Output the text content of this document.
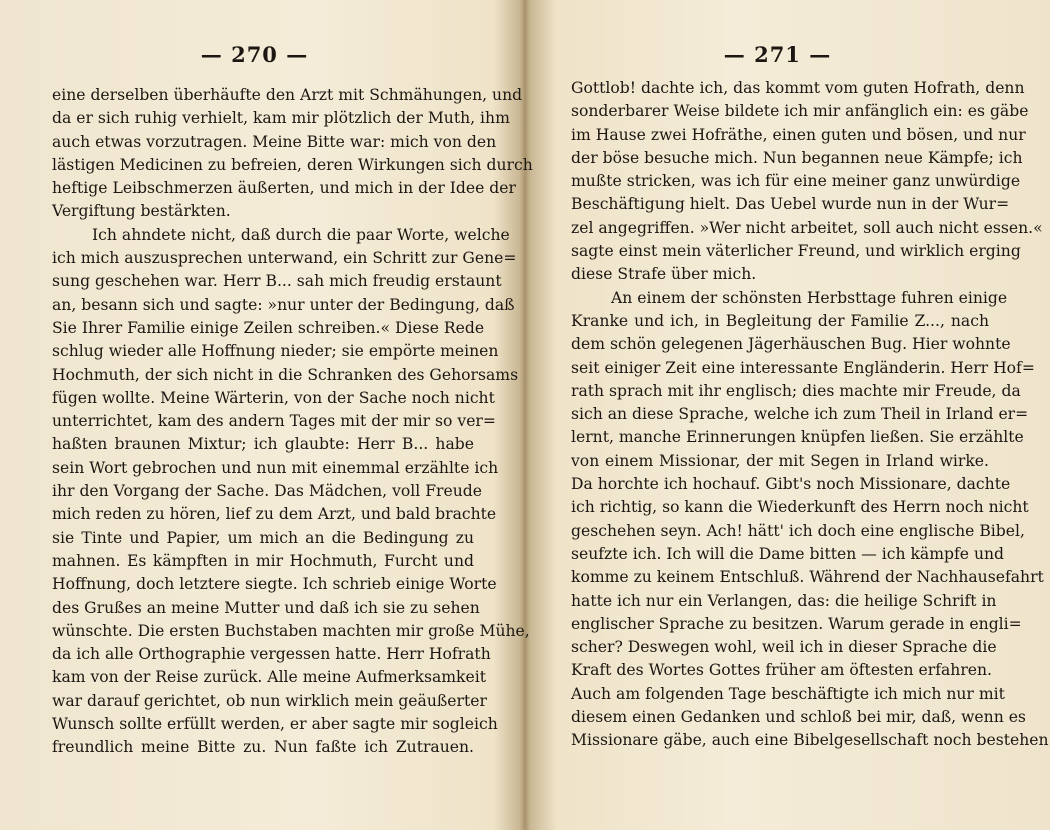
— 270 —
eine derselben überhäufte den Arzt mit Schmähungen, und
da er sich ruhig verhielt, kam mir plötzlich der Muth, ihm
auch etwas vorzutragen. Meine Bitte war: mich von den
lästigen Medicinen zu befreien, deren Wirkungen sich durch
heftige Leibschmerzen äußerten, und mich in der Idee der
Vergiftung bestärkten.
Ich ahndete nicht, daß durch die paar Worte, welche
ich mich auszusprechen unterwand, ein Schritt zur Gene=
sung geschehen war. Herr B... sah mich freudig erstaunt
an, besann sich und sagte: »nur unter der Bedingung, daß
Sie Ihrer Familie einige Zeilen schreiben.« Diese Rede
schlug wieder alle Hoffnung nieder; sie empörte meinen
Hochmuth, der sich nicht in die Schranken des Gehorsams
fügen wollte. Meine Wärterin, von der Sache noch nicht
unterrichtet, kam des andern Tages mit der mir so ver=
haßten braunen Mixtur; ich glaubte: Herr B... habe
sein Wort gebrochen und nun mit einemmal erzählte ich
ihr den Vorgang der Sache. Das Mädchen, voll Freude
mich reden zu hören, lief zu dem Arzt, und bald brachte
sie Tinte und Papier, um mich an die Bedingung zu
mahnen. Es kämpften in mir Hochmuth, Furcht und
Hoffnung, doch letztere siegte. Ich schrieb einige Worte
des Grußes an meine Mutter und daß ich sie zu sehen
wünschte. Die ersten Buchstaben machten mir große Mühe,
da ich alle Orthographie vergessen hatte. Herr Hofrath
kam von der Reise zurück. Alle meine Aufmerksamkeit
war darauf gerichtet, ob nun wirklich mein geäußerter
Wunsch sollte erfüllt werden, er aber sagte mir sogleich
freundlich meine Bitte zu. Nun faßte ich Zutrauen.
— 271 —
Gottlob! dachte ich, das kommt vom guten Hofrath, denn
sonderbarer Weise bildete ich mir anfänglich ein: es gäbe
im Hause zwei Hofräthe, einen guten und bösen, und nur
der böse besuche mich. Nun begannen neue Kämpfe; ich
mußte stricken, was ich für eine meiner ganz unwürdige
Beschäftigung hielt. Das Uebel wurde nun in der Wur=
zel angegriffen. »Wer nicht arbeitet, soll auch nicht essen.«
sagte einst mein väterlicher Freund, und wirklich erging
diese Strafe über mich.
An einem der schönsten Herbsttage fuhren einige
Kranke und ich, in Begleitung der Familie Z..., nach
dem schön gelegenen Jägerhäuschen Bug. Hier wohnte
seit einiger Zeit eine interessante Engländerin. Herr Hof=
rath sprach mit ihr englisch; dies machte mir Freude, da
sich an diese Sprache, welche ich zum Theil in Irland er=
lernt, manche Erinnerungen knüpfen ließen. Sie erzählte
von einem Missionar, der mit Segen in Irland wirke.
Da horchte ich hochauf. Gibt's noch Missionare, dachte
ich richtig, so kann die Wiederkunft des Herrn noch nicht
geschehen seyn. Ach! hätt' ich doch eine englische Bibel,
seufzte ich. Ich will die Dame bitten — ich kämpfe und
komme zu keinem Entschluß. Während der Nachhausefahrt
hatte ich nur ein Verlangen, das: die heilige Schrift in
englischer Sprache zu besitzen. Warum gerade in engli=
scher? Deswegen wohl, weil ich in dieser Sprache die
Kraft des Wortes Gottes früher am öftesten erfahren.
Auch am folgenden Tage beschäftigte ich mich nur mit
diesem einen Gedanken und schloß bei mir, daß, wenn es
Missionare gäbe, auch eine Bibelgesellschaft noch bestehen
